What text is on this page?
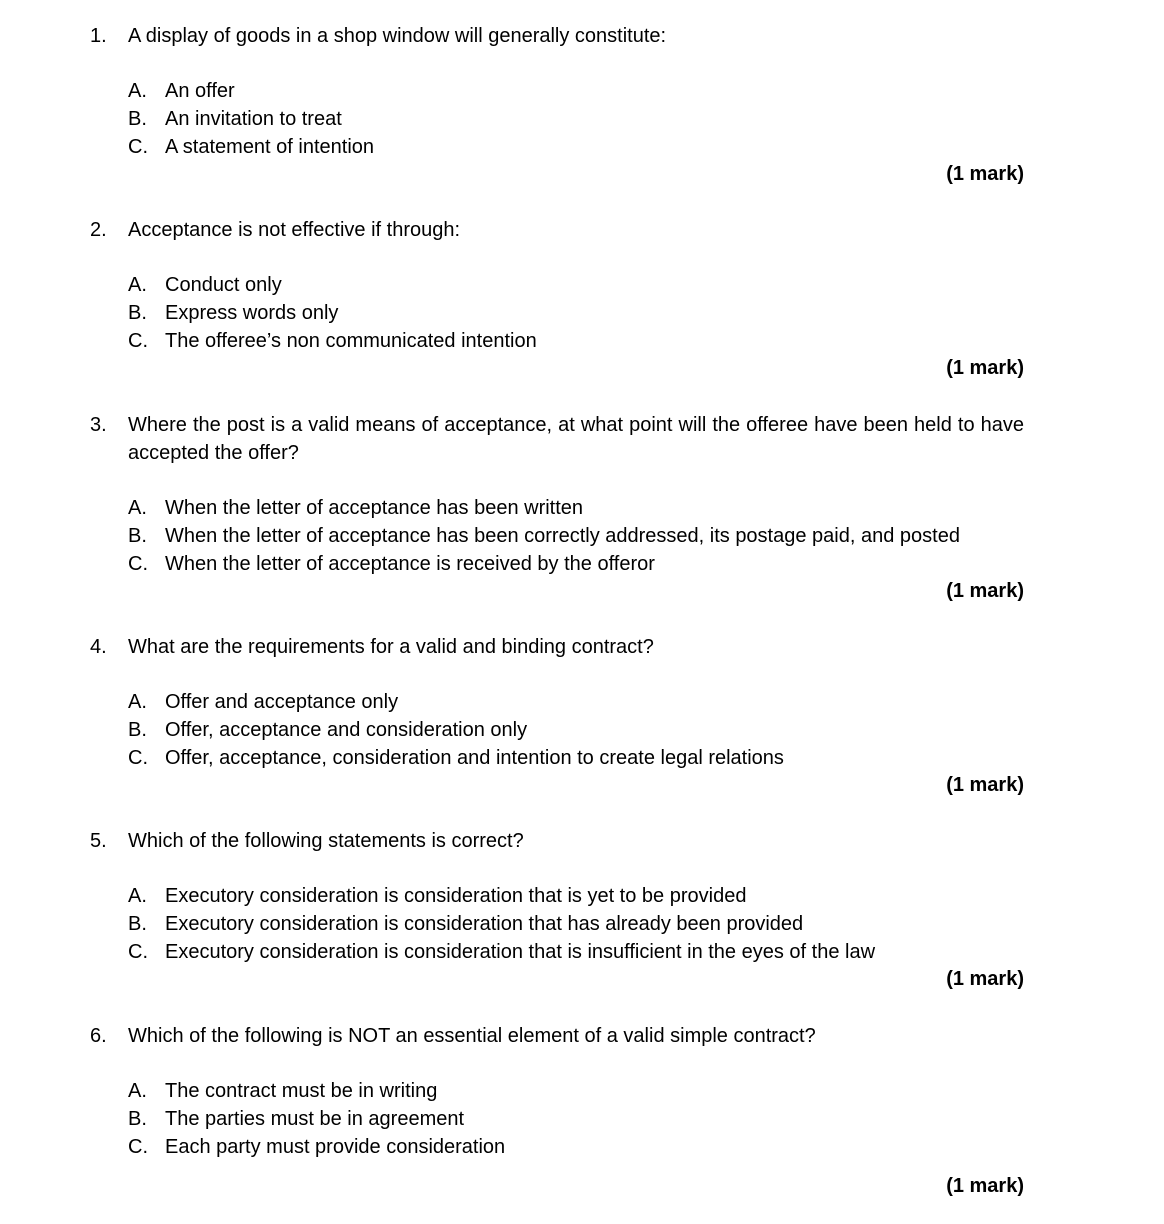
1.	A display of goods in a shop window will generally constitute:
A. An offer
B. An invitation to treat
C. A statement of intention
(1 mark)
2.	Acceptance is not effective if through:
A. Conduct only
B. Express words only
C. The offeree’s non communicated intention
(1 mark)
3.	Where the post is a valid means of acceptance, at what point will the offeree have been held to have accepted the offer?
A. When the letter of acceptance has been written
B. When the letter of acceptance has been correctly addressed, its postage paid, and posted
C. When the letter of acceptance is received by the offeror
(1 mark)
4.	What are the requirements for a valid and binding contract?
A. Offer and acceptance only
B. Offer, acceptance and consideration only
C. Offer, acceptance, consideration and intention to create legal relations
(1 mark)
5.	Which of the following statements is correct?
A. Executory consideration is consideration that is yet to be provided
B. Executory consideration is consideration that has already been provided
C. Executory consideration is consideration that is insufficient in the eyes of the law
(1 mark)
6.	Which of the following is NOT an essential element of a valid simple contract?
A. The contract must be in writing
B. The parties must be in agreement
C. Each party must provide consideration
(1 mark)
